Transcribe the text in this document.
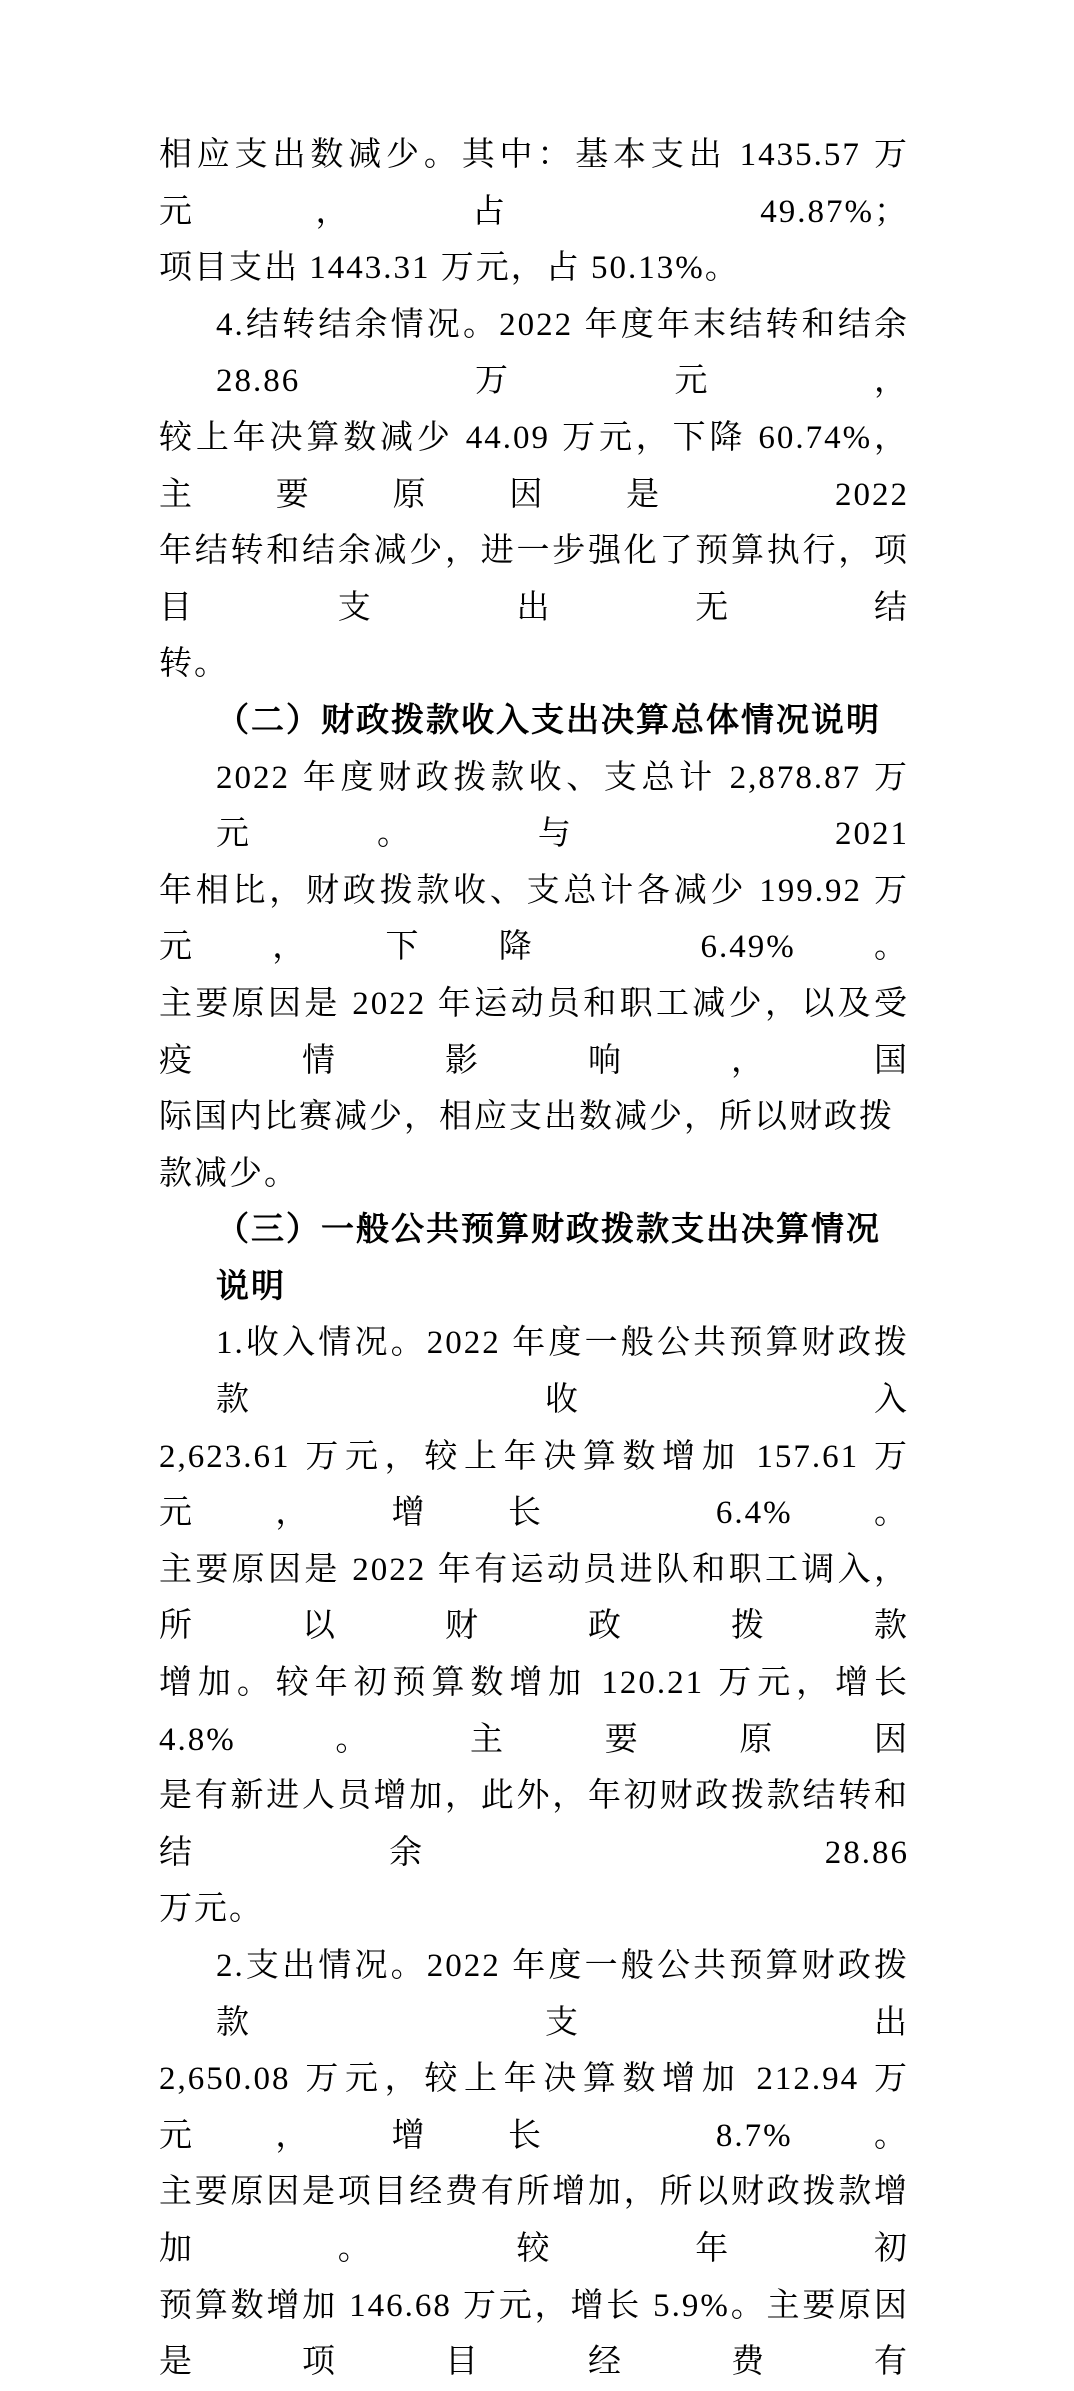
相应支出数减少。其中：基本支出 1435.57 万元，占 49.87%；
项目支出 1443.31 万元，占 50.13%。
4.结转结余情况。2022 年度年末结转和结余 28.86 万元，
较上年决算数减少 44.09 万元，下降 60.74%，主要原因是 2022
年结转和结余减少，进一步强化了预算执行，项目支出无结
转。
（二）财政拨款收入支出决算总体情况说明
2022 年度财政拨款收、支总计 2,878.87 万元。与 2021
年相比，财政拨款收、支总计各减少 199.92 万元，下降 6.49%。
主要原因是 2022 年运动员和职工减少，以及受疫情影响，国
际国内比赛减少，相应支出数减少，所以财政拨款减少。
（三）一般公共预算财政拨款支出决算情况说明
1.收入情况。2022 年度一般公共预算财政拨款收入
2,623.61 万元，较上年决算数增加 157.61 万元，增长 6.4%。
主要原因是 2022 年有运动员进队和职工调入，所以财政拨款
增加。较年初预算数增加 120.21 万元，增长 4.8%。主要原因
是有新进人员增加，此外，年初财政拨款结转和结余 28.86
万元。
2.支出情况。2022 年度一般公共预算财政拨款支出
2,650.08 万元，较上年决算数增加 212.94 万元，增长 8.7%。
主要原因是项目经费有所增加，所以财政拨款增加。较年初
预算数增加 146.68 万元，增长 5.9%。主要原因是项目经费有
